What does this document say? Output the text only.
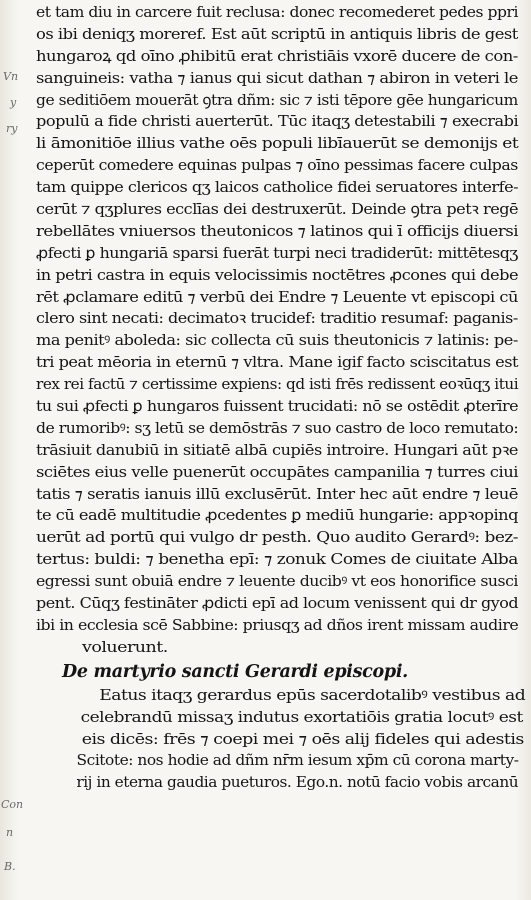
Vn
y
ry
Con
n
B.
et tam diu in carcere fuit reclusa: donec recomederet pedes ppri
os ibi deniqʒ moreref. Est aūt scriptū in antiquis libris de gest
hungaroꝝ qd oīno ꝓhibitū erat christiāis vxorē ducere de con-
sanguineis: vatha ⁊ ianus qui sicut dathan ⁊ abiron in veteri le
ge seditiōem mouerāt ꝯtra dñm: sic ⁊ isti tēpore gēe hungaricum
populū a fide christi auerterūt. Tūc itaqʒ detestabili ⁊ execrabi
li āmonitiōe illius vathe oēs populi libīauerūt se demonijs et
ceperūt comedere equinas pulpas ⁊ oīno pessimas facere culpas
tam quippe clericos qʒ laicos catholice fidei seruatores interfe-
cerūt ⁊ qʒplures ecclīas dei destruxerūt. Deinde ꝯtra petꝛ regē
rebellātes vniuersos theutonicos ⁊ latinos qui ī officijs diuersi
ꝓfecti ꝑ hungariā sparsi fuerāt turpi neci tradiderūt: mittētesqʒ
in petri castra in equis velocissimis noctētres ꝓcones qui debe
rēt ꝓclamare editū ⁊ verbū dei Endre ⁊ Leuente vt episcopi cū
clero sint necati: decimatoꝛ trucidef: traditio resumaf: paganis-
ma penitꝰ aboleda: sic collecta cū suis theutonicis ⁊ latinis: pe-
tri peat mēoria in eternū ⁊ vltra. Mane igif facto sciscitatus est
rex rei factū ⁊ certissime expiens: qd isti frēs redissent eoꝛūqʒ itui
tu sui ꝓfecti ꝑ hungaros fuissent trucidati: nō se ostēdit ꝓterīre
de rumoribꝰ: sʒ letū se demōstrās ⁊ suo castro de loco remutato:
trāsiuit danubiū in sitiatē albā cupiēs introire. Hungari aūt pꝛe
sciētes eius velle puenerūt occupātes campanilia ⁊ turres ciui
tatis ⁊ seratis ianuis illū exclusērūt. Inter hec aūt endre ⁊ leuē
te cū eadē multitudie ꝓcedentes ꝑ mediū hungarie: appꝛopinq
uerūt ad portū qui vulgo dr pesth. Quo audito Gerardꝰ: bez-
tertus: buldi: ⁊ benetha epī: ⁊ zonuk Comes de ciuitate Alba
egressi sunt obuiā endre ⁊ leuente ducibꝰ vt eos honorifice susci
pent. Cūqʒ festināter ꝓdicti epī ad locum venissent qui dr gyod
ibi in ecclesia scē Sabbine: priusqʒ ad dños irent missam audire
voluerunt.
De martyrio sancti Gerardi episcopi.
Eatus itaqʒ gerardus epūs sacerdotalibꝰ vestibus ad
celebrandū missaʒ indutus exortatiōis gratia locutꝰ est
eis dicēs: frēs ⁊ coepi mei ⁊ oēs alij fideles qui adestis
Scitote: nos hodie ad dñm nr̄m iesum xp̄m cū corona marty-
rij in eterna gaudia pueturos. Ego.n. notū facio vobis arcanū
